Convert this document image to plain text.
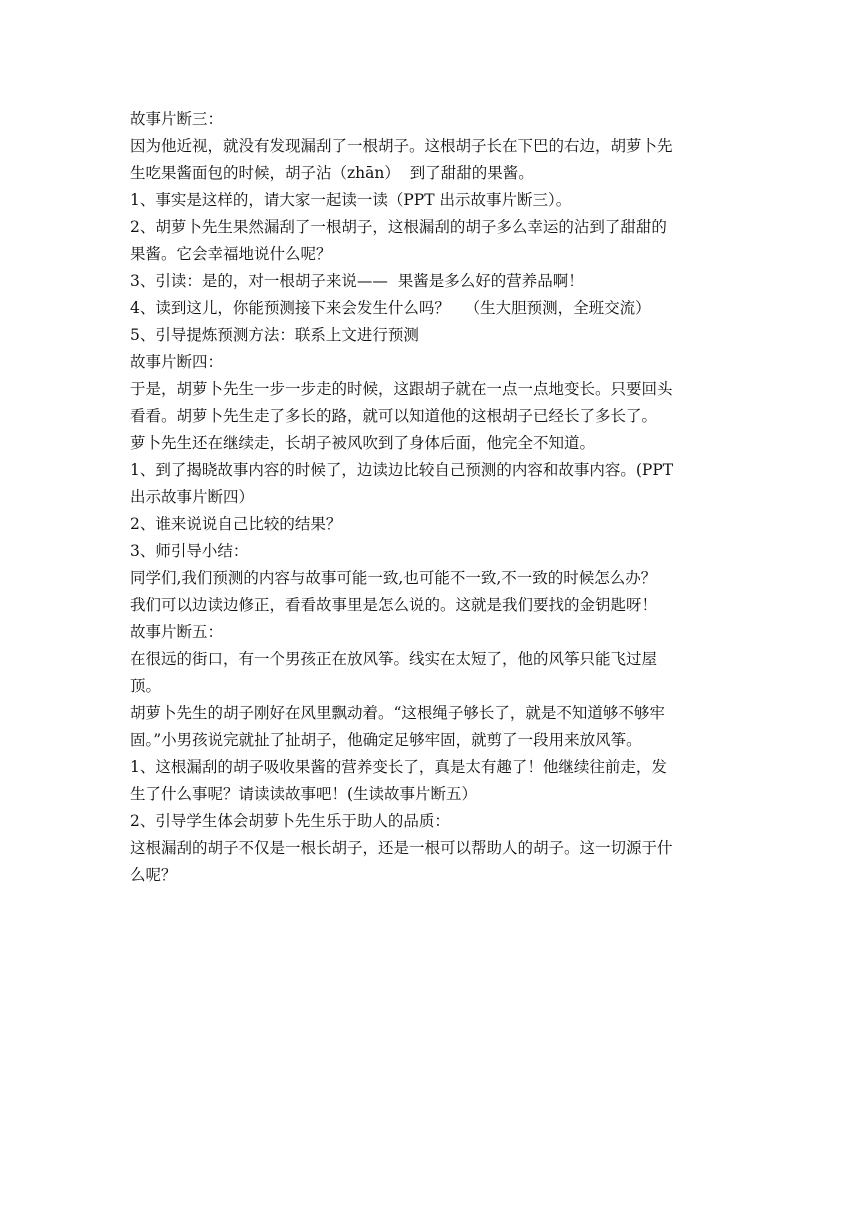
故事片断三：

因为他近视，就没有发现漏刮了一根胡子。这根胡子长在下巴的右边，胡萝卜先
生吃果酱面包的时候，胡子沾（zhān）  到了甜甜的果酱。

1、事实是这样的，请大家一起读一读（PPT 出示故事片断三）。

2、胡萝卜先生果然漏刮了一根胡子，这根漏刮的胡子多么幸运的沾到了甜甜的
果酱。它会幸福地说什么呢？

3、引读：是的，对一根胡子来说——  果酱是多么好的营养品啊！

4、读到这儿，你能预测接下来会发生什么吗？   （生大胆预测，全班交流）

5、引导提炼预测方法：联系上文进行预测

故事片断四：

于是，胡萝卜先生一步一步走的时候，这跟胡子就在一点一点地变长。只要回头
看看。胡萝卜先生走了多长的路，就可以知道他的这根胡子已经长了多长了。
萝卜先生还在继续走，长胡子被风吹到了身体后面，他完全不知道。
1、到了揭晓故事内容的时候了，边读边比较自己预测的内容和故事内容。(PPT
出示故事片断四）

2、谁来说说自己比较的结果？

3、师引导小结：

同学们,我们预测的内容与故事可能一致,也可能不一致,不一致的时候怎么办？
我们可以边读边修正，看看故事里是怎么说的。这就是我们要找的金钥匙呀！

故事片断五：

在很远的街口，有一个男孩正在放风筝。线实在太短了，他的风筝只能飞过屋
顶。
胡萝卜先生的胡子刚好在风里飘动着。“这根绳子够长了，就是不知道够不够牢
固。”小男孩说完就扯了扯胡子，他确定足够牢固，就剪了一段用来放风筝。
1、这根漏刮的胡子吸收果酱的营养变长了，真是太有趣了！他继续往前走，发
生了什么事呢？请读读故事吧！(生读故事片断五）

2、引导学生体会胡萝卜先生乐于助人的品质：

这根漏刮的胡子不仅是一根长胡子，还是一根可以帮助人的胡子。这一切源于什
么呢？
